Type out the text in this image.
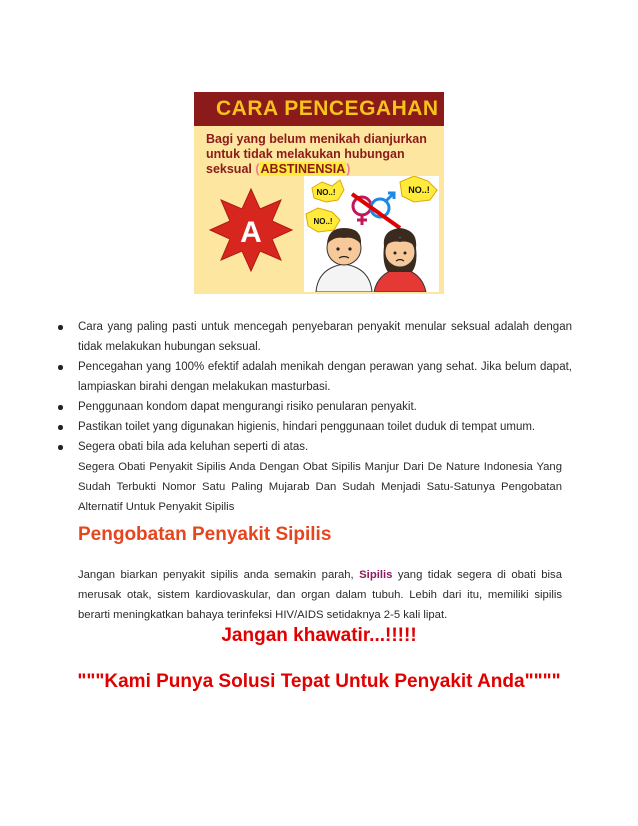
CARA PENCEGAHAN
Bagi yang belum menikah dianjurkan
untuk tidak melakukan hubungan
seksual (ABSTINENSIA)
A
NO..!	NO..!
NO..!
Cara yang paling pasti untuk mencegah penyebaran penyakit menular seksual adalah dengan tidak melakukan hubungan seksual.
Pencegahan yang 100% efektif adalah menikah dengan perawan yang sehat. Jika belum dapat, lampiaskan birahi dengan melakukan masturbasi.
Penggunaan kondom dapat mengurangi risiko penularan penyakit.
Pastikan toilet yang digunakan higienis, hindari penggunaan toilet duduk di tempat umum.
Segera obati bila ada keluhan seperti di atas.
Segera Obati Penyakit Sipilis Anda Dengan Obat Sipilis Manjur Dari De Nature Indonesia Yang Sudah Terbukti Nomor Satu Paling Mujarab Dan Sudah Menjadi Satu-Satunya Pengobatan Alternatif Untuk Penyakit Sipilis
Pengobatan Penyakit Sipilis
Jangan biarkan penyakit sipilis anda semakin parah, Sipilis yang tidak segera di obati bisa merusak otak, sistem kardiovaskular, dan organ dalam tubuh. Lebih dari itu, memiliki sipilis berarti meningkatkan bahaya terinfeksi HIV/AIDS setidaknya 2-5 kali lipat.
Jangan khawatir...!!!!!
"""Kami Punya Solusi Tepat Untuk Penyakit Anda""""
